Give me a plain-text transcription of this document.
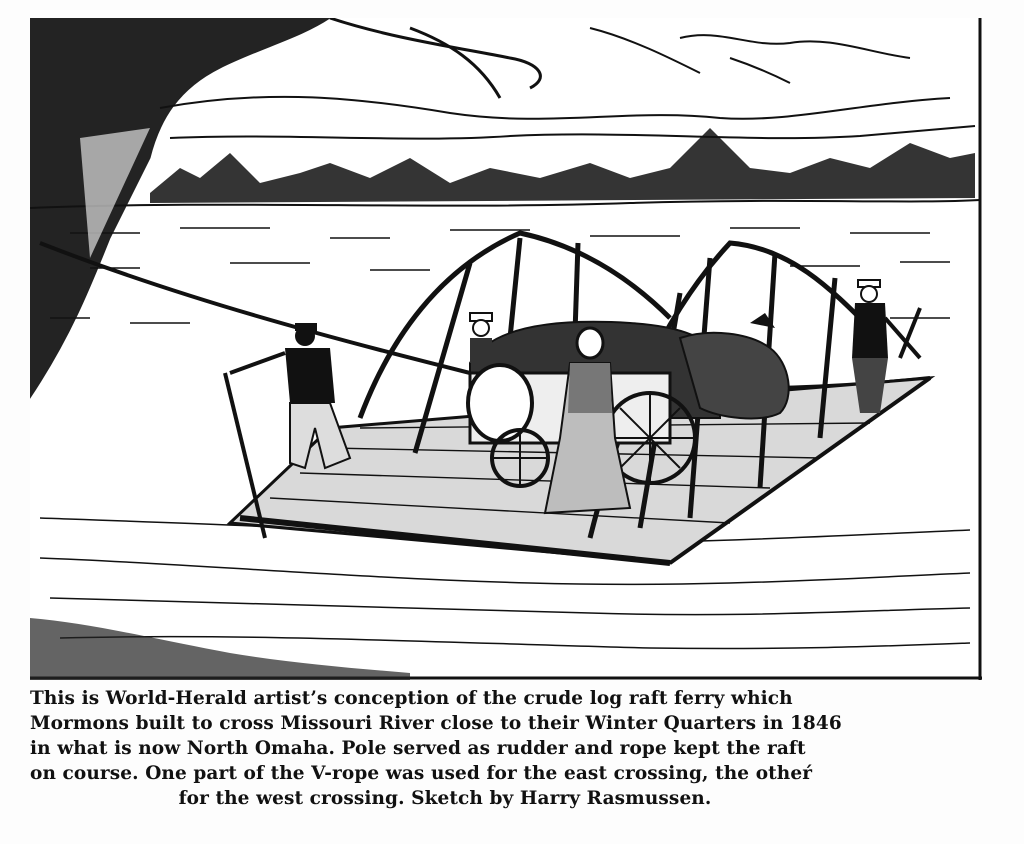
This is World-Herald artist’s conception of the crude log raft ferry which
Mormons built to cross Missouri River close to their Winter Quarters in 1846
in what is now North Omaha. Pole served as rudder and rope kept the raft
on course. One part of the V-rope was used for the east crossing, the otheŕ
for the west crossing. Sketch by Harry Rasmussen.
